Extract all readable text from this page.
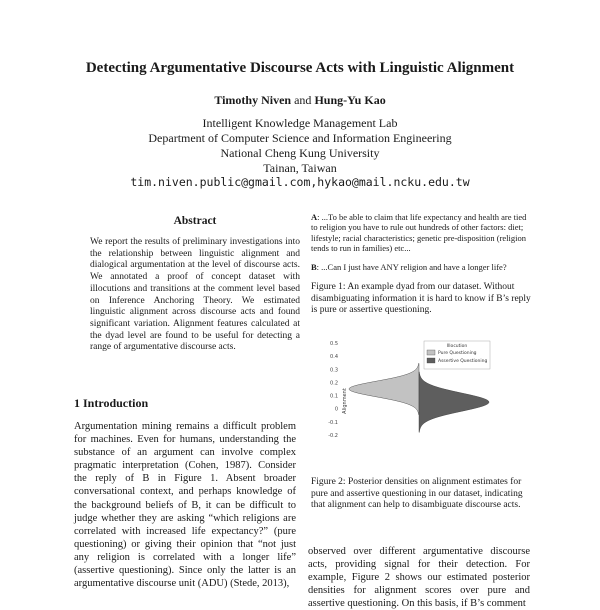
Detecting Argumentative Discourse Acts with Linguistic Alignment
Timothy Niven and Hung-Yu Kao
Intelligent Knowledge Management Lab
Department of Computer Science and Information Engineering
National Cheng Kung University
Tainan, Taiwan
tim.niven.public@gmail.com,hykao@mail.ncku.edu.tw
Abstract
We report the results of preliminary investigations into the relationship between linguistic alignment and dialogical argumentation at the level of discourse acts. We annotated a proof of concept dataset with illocutions and transitions at the comment level based on Inference Anchoring Theory. We estimated linguistic alignment across discourse acts and found significant variation. Alignment features calculated at the dyad level are found to be useful for detecting a range of argumentative discourse acts.
1 Introduction
Argumentation mining remains a difficult problem for machines. Even for humans, understanding the substance of an argument can involve complex pragmatic interpretation (Cohen, 1987). Consider the reply of B in Figure 1. Absent broader conversational context, and perhaps knowledge of the background beliefs of B, it can be difficult to judge whether they are asking “which religions are correlated with increased life expectancy?” (pure questioning) or giving their opinion that “not just any religion is correlated with a longer life” (assertive questioning). Since only the latter is an argumentative discourse unit (ADU) (Stede, 2013),
A: ...To be able to claim that life expectancy and health are tied to religion you have to rule out hundreds of other factors: diet; lifestyle; racial characteristics; genetic pre-disposition (religion tends to run in families) etc...
B: ...Can I just have ANY religion and have a longer life?
Figure 1: An example dyad from our dataset. Without disambiguating information it is hard to know if B’s reply is pure or assertive questioning.
0.5
0.4
0.3
0.2
0.1
0
-0.1
-0.2
Alignment
Illocution
Pure Questioning
Assertive Questioning
Figure 2: Posterior densities on alignment estimates for pure and assertive questioning in our dataset, indicating that alignment can help to disambiguate discourse acts.
observed over different argumentative discourse acts, providing signal for their detection. For example, Figure 2 shows our estimated posterior densities for alignment scores over pure and assertive questioning. On this basis, if B’s comment
